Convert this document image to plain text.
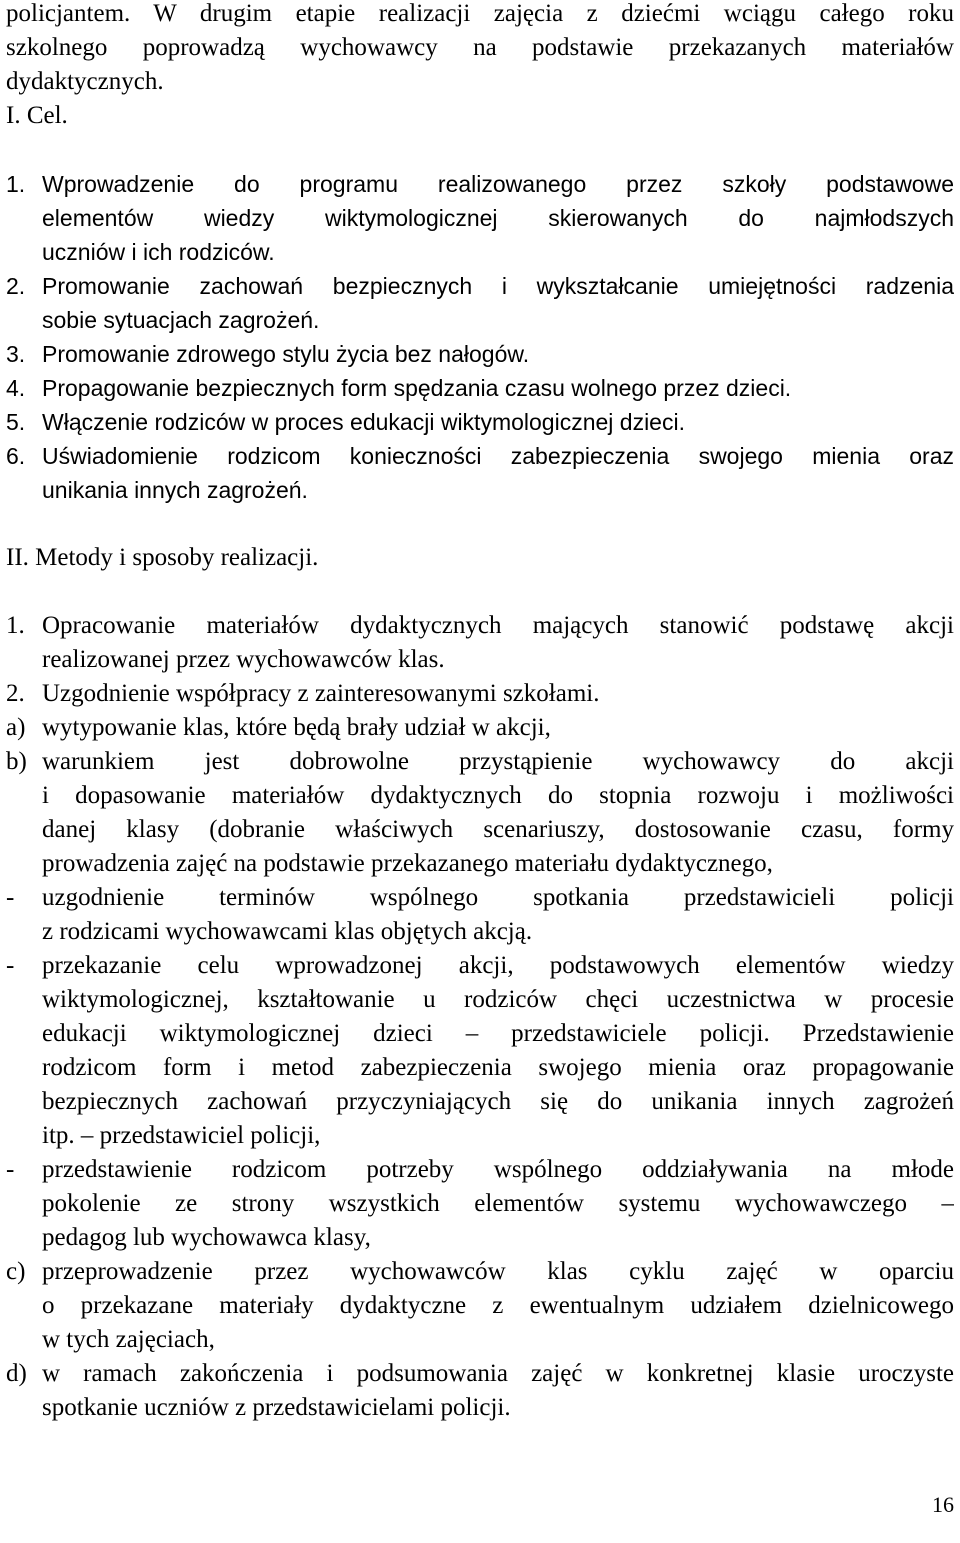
policjantem. W drugim etapie realizacji zajęcia z dziećmi wciągu całego roku
szkolnego poprowadzą wychowawcy na podstawie przekazanych materiałów
dydaktycznych.
I. Cel.
1. Wprowadzenie do programu realizowanego przez szkoły podstawowe
elementów wiedzy wiktymologicznej skierowanych do najmłodszych
uczniów i ich rodziców.
2. Promowanie zachowań bezpiecznych i wykształcanie umiejętności radzenia
sobie sytuacjach zagrożeń.
3. Promowanie zdrowego stylu życia bez nałogów.
4. Propagowanie bezpiecznych form spędzania czasu wolnego przez dzieci.
5. Włączenie rodziców w proces edukacji wiktymologicznej dzieci.
6. Uświadomienie rodzicom konieczności zabezpieczenia swojego mienia oraz
unikania innych zagrożeń.
II. Metody i sposoby realizacji.
1. Opracowanie materiałów dydaktycznych mających stanowić podstawę akcji
realizowanej przez wychowawców klas.
2. Uzgodnienie współpracy z zainteresowanymi szkołami.
a) wytypowanie klas, które będą brały udział w akcji,
b) warunkiem jest dobrowolne przystąpienie wychowawcy do akcji
i dopasowanie materiałów dydaktycznych do stopnia rozwoju i możliwości
danej klasy (dobranie właściwych scenariuszy, dostosowanie czasu, formy
prowadzenia zajęć na podstawie przekazanego materiału dydaktycznego,
- uzgodnienie terminów wspólnego spotkania przedstawicieli policji
z rodzicami wychowawcami klas objętych akcją.
- przekazanie celu wprowadzonej akcji, podstawowych elementów wiedzy
wiktymologicznej, kształtowanie u rodziców chęci uczestnictwa w procesie
edukacji wiktymologicznej dzieci – przedstawiciele policji. Przedstawienie
rodzicom form i metod zabezpieczenia swojego mienia oraz propagowanie
bezpiecznych zachowań przyczyniających się do unikania innych zagrożeń
itp. – przedstawiciel policji,
- przedstawienie rodzicom potrzeby wspólnego oddziaływania na młode
pokolenie ze strony wszystkich elementów systemu wychowawczego –
pedagog lub wychowawca klasy,
c) przeprowadzenie przez wychowawców klas cyklu zajęć w oparciu
o przekazane materiały dydaktyczne z ewentualnym udziałem dzielnicowego
w tych zajęciach,
d) w ramach zakończenia i podsumowania zajęć w konkretnej klasie uroczyste
spotkanie uczniów z przedstawicielami policji.
16
